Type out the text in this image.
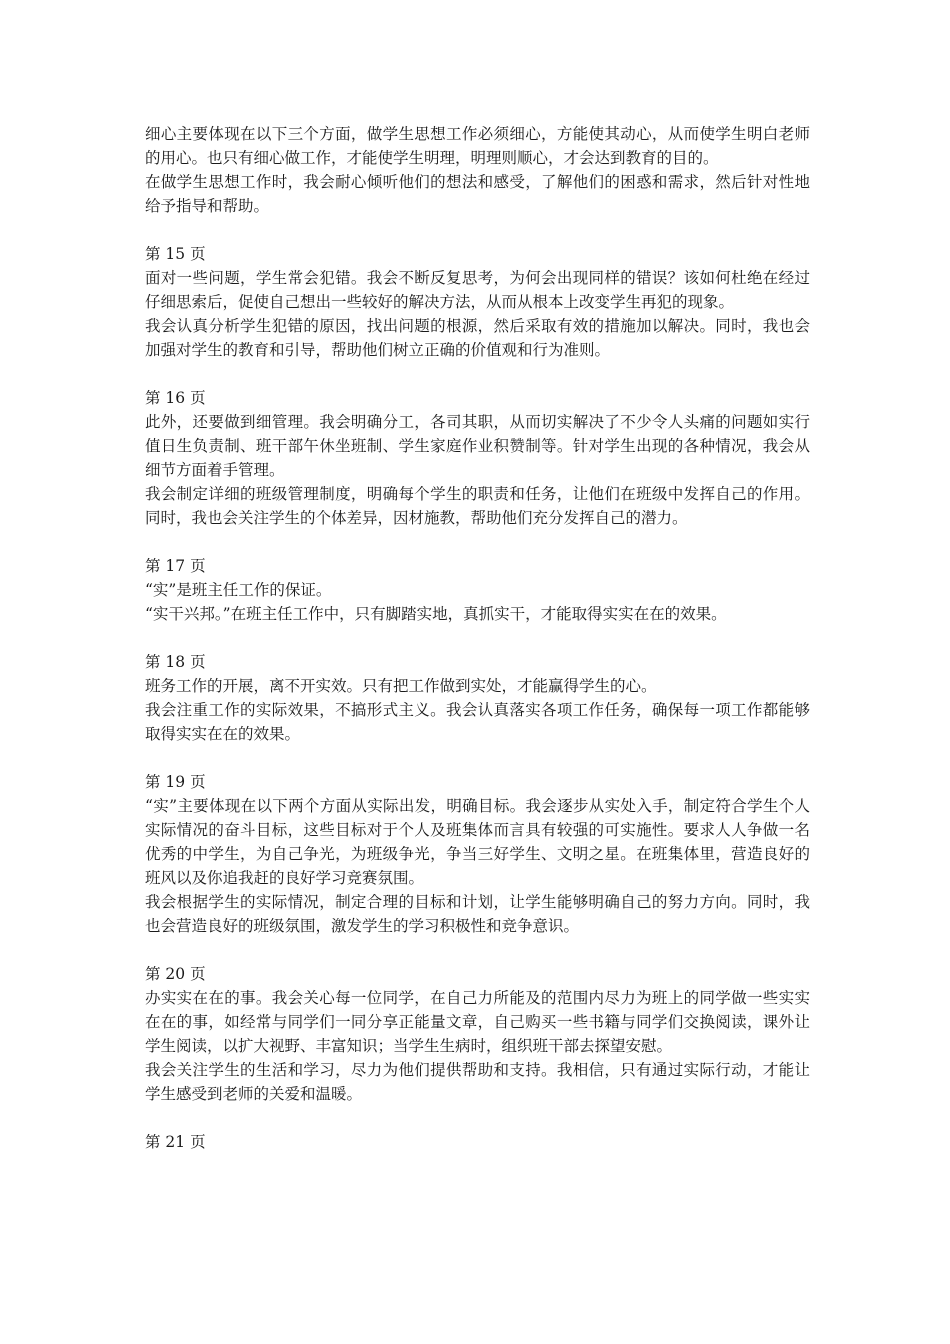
细心主要体现在以下三个方面，做学生思想工作必须细心，方能使其动心，从而使学生明白老师的用心。也只有细心做工作，才能使学生明理，明理则顺心，才会达到教育的目的。

在做学生思想工作时，我会耐心倾听他们的想法和感受，了解他们的困惑和需求，然后针对性地给予指导和帮助。

第 15 页

面对一些问题，学生常会犯错。我会不断反复思考，为何会出现同样的错误？该如何杜绝在经过仔细思索后，促使自己想出一些较好的解决方法，从而从根本上改变学生再犯的现象。

我会认真分析学生犯错的原因，找出问题的根源，然后采取有效的措施加以解决。同时，我也会加强对学生的教育和引导，帮助他们树立正确的价值观和行为准则。

第 16 页

此外，还要做到细管理。我会明确分工，各司其职，从而切实解决了不少令人头痛的问题如实行值日生负责制、班干部午休坐班制、学生家庭作业积赞制等。针对学生出现的各种情况，我会从细节方面着手管理。

我会制定详细的班级管理制度，明确每个学生的职责和任务，让他们在班级中发挥自己的作用。同时，我也会关注学生的个体差异，因材施教，帮助他们充分发挥自己的潜力。

第 17 页

“实”是班主任工作的保证。

“实干兴邦。”在班主任工作中，只有脚踏实地，真抓实干，才能取得实实在在的效果。

第 18 页

班务工作的开展，离不开实效。只有把工作做到实处，才能赢得学生的心。

我会注重工作的实际效果，不搞形式主义。我会认真落实各项工作任务，确保每一项工作都能够取得实实在在的效果。

第 19 页

“实”主要体现在以下两个方面从实际出发，明确目标。我会逐步从实处入手，制定符合学生个人实际情况的奋斗目标，这些目标对于个人及班集体而言具有较强的可实施性。要求人人争做一名优秀的中学生，为自己争光，为班级争光，争当三好学生、文明之星。在班集体里，营造良好的班风以及你追我赶的良好学习竞赛氛围。

我会根据学生的实际情况，制定合理的目标和计划，让学生能够明确自己的努力方向。同时，我也会营造良好的班级氛围，激发学生的学习积极性和竞争意识。

第 20 页

办实实在在的事。我会关心每一位同学，在自己力所能及的范围内尽力为班上的同学做一些实实在在的事，如经常与同学们一同分享正能量文章，自己购买一些书籍与同学们交换阅读，课外让学生阅读，以扩大视野、丰富知识；当学生生病时，组织班干部去探望安慰。

我会关注学生的生活和学习，尽力为他们提供帮助和支持。我相信，只有通过实际行动，才能让学生感受到老师的关爱和温暖。

第 21 页
